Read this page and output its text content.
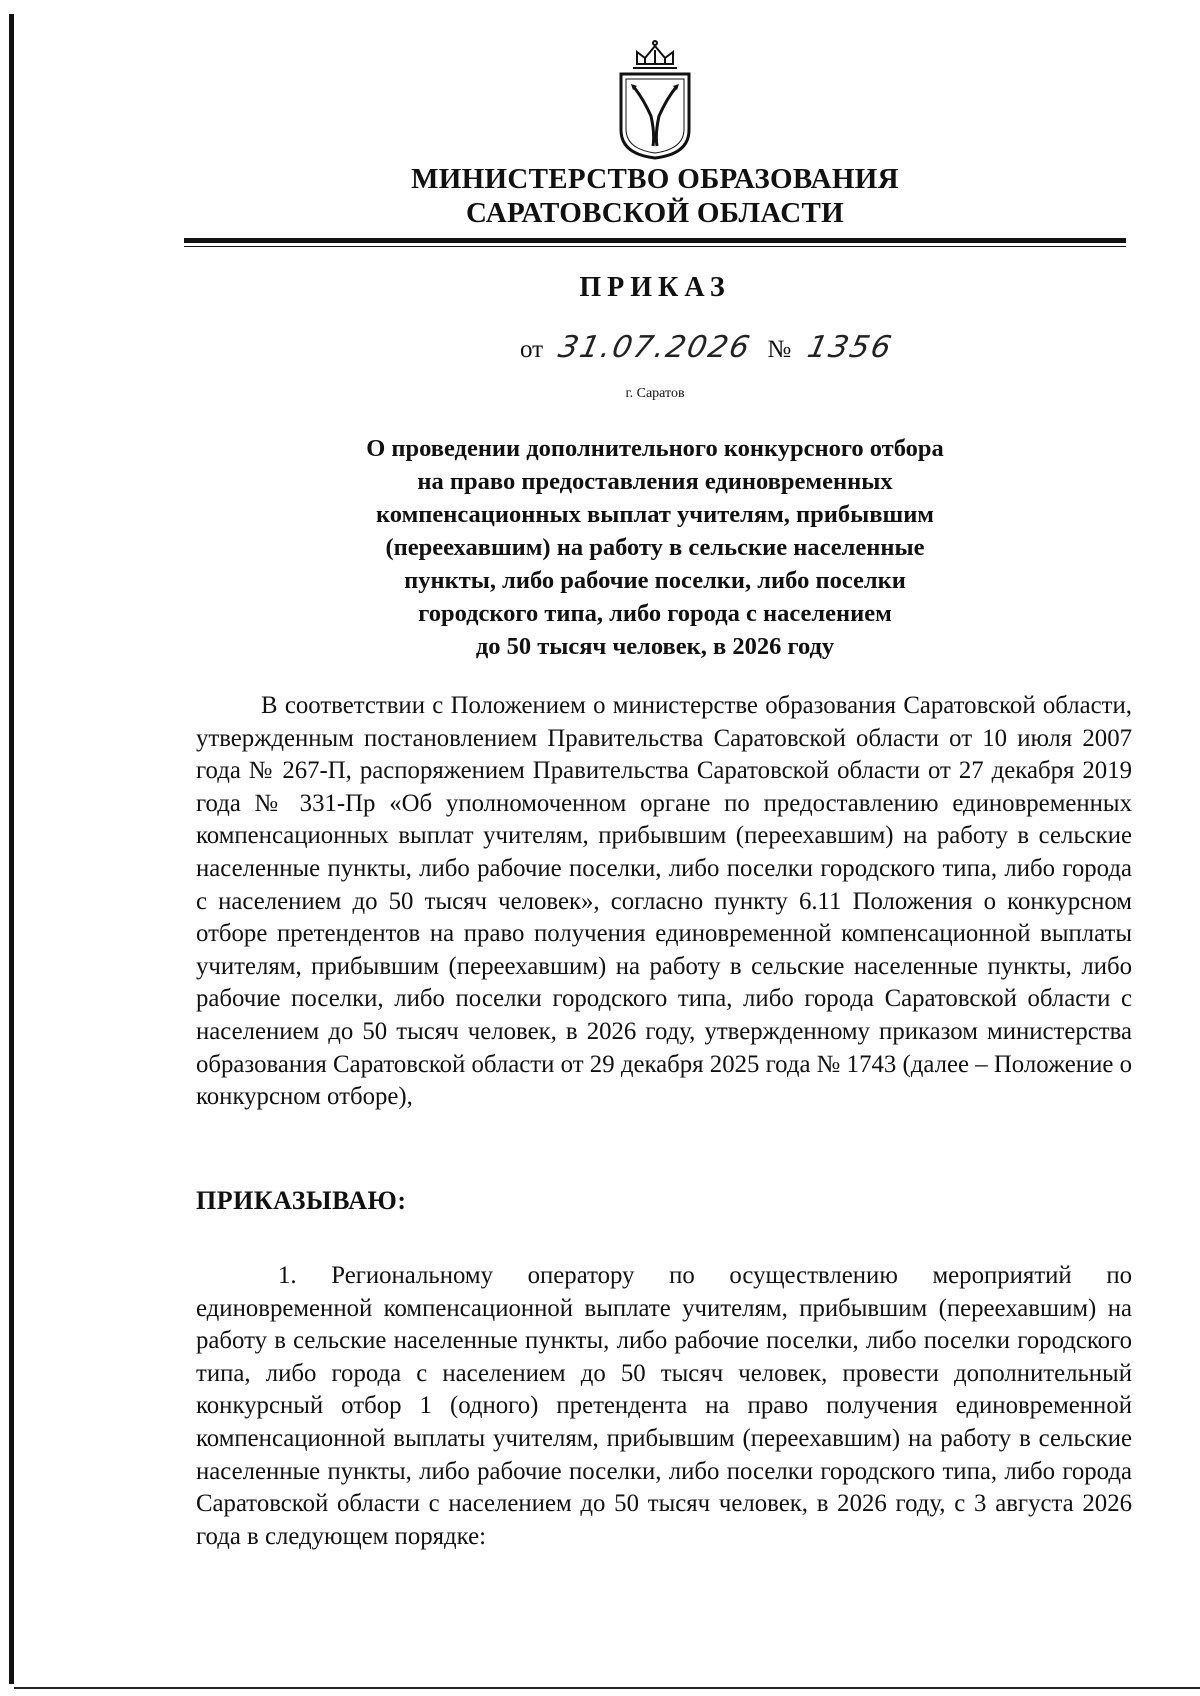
МИНИСТЕРСТВО ОБРАЗОВАНИЯ
САРАТОВСКОЙ ОБЛАСТИ
ПРИКАЗ
от 31.07.2026 № 1356
г. Саратов
О проведении дополнительного конкурсного отбора
на право предоставления единовременных
компенсационных выплат учителям, прибывшим
(переехавшим) на работу в сельские населенные
пункты, либо рабочие поселки, либо поселки
городского типа, либо города с населением
до 50 тысяч человек, в 2026 году
В соответствии с Положением о министерстве образования Саратовской области, утвержденным постановлением Правительства Саратовской области от 10 июля 2007 года № 267-П, распоряжением Правительства Саратовской области от 27 декабря 2019 года № 331-Пр «Об уполномоченном органе по предоставлению единовременных компенсационных выплат учителям, прибывшим (переехавшим) на работу в сельские населенные пункты, либо рабочие поселки, либо поселки городского типа, либо города с населением до 50 тысяч человек», согласно пункту 6.11 Положения о конкурсном отборе претендентов на право получения единовременной компенсационной выплаты учителям, прибывшим (переехавшим) на работу в сельские населенные пункты, либо рабочие поселки, либо поселки городского типа, либо города Саратовской области с населением до 50 тысяч человек, в 2026 году, утвержденному приказом министерства образования Саратовской области от 29 декабря 2025 года № 1743 (далее – Положение о конкурсном отборе),
ПРИКАЗЫВАЮ:
1. Региональному оператору по осуществлению мероприятий по единовременной компенсационной выплате учителям, прибывшим (переехавшим) на работу в сельские населенные пункты, либо рабочие поселки, либо поселки городского типа, либо города с населением до 50 тысяч человек, провести дополнительный конкурсный отбор 1 (одного) претендента на право получения единовременной компенсационной выплаты учителям, прибывшим (переехавшим) на работу в сельские населенные пункты, либо рабочие поселки, либо поселки городского типа, либо города Саратовской области с населением до 50 тысяч человек, в 2026 году, с 3 августа 2026 года в следующем порядке:
